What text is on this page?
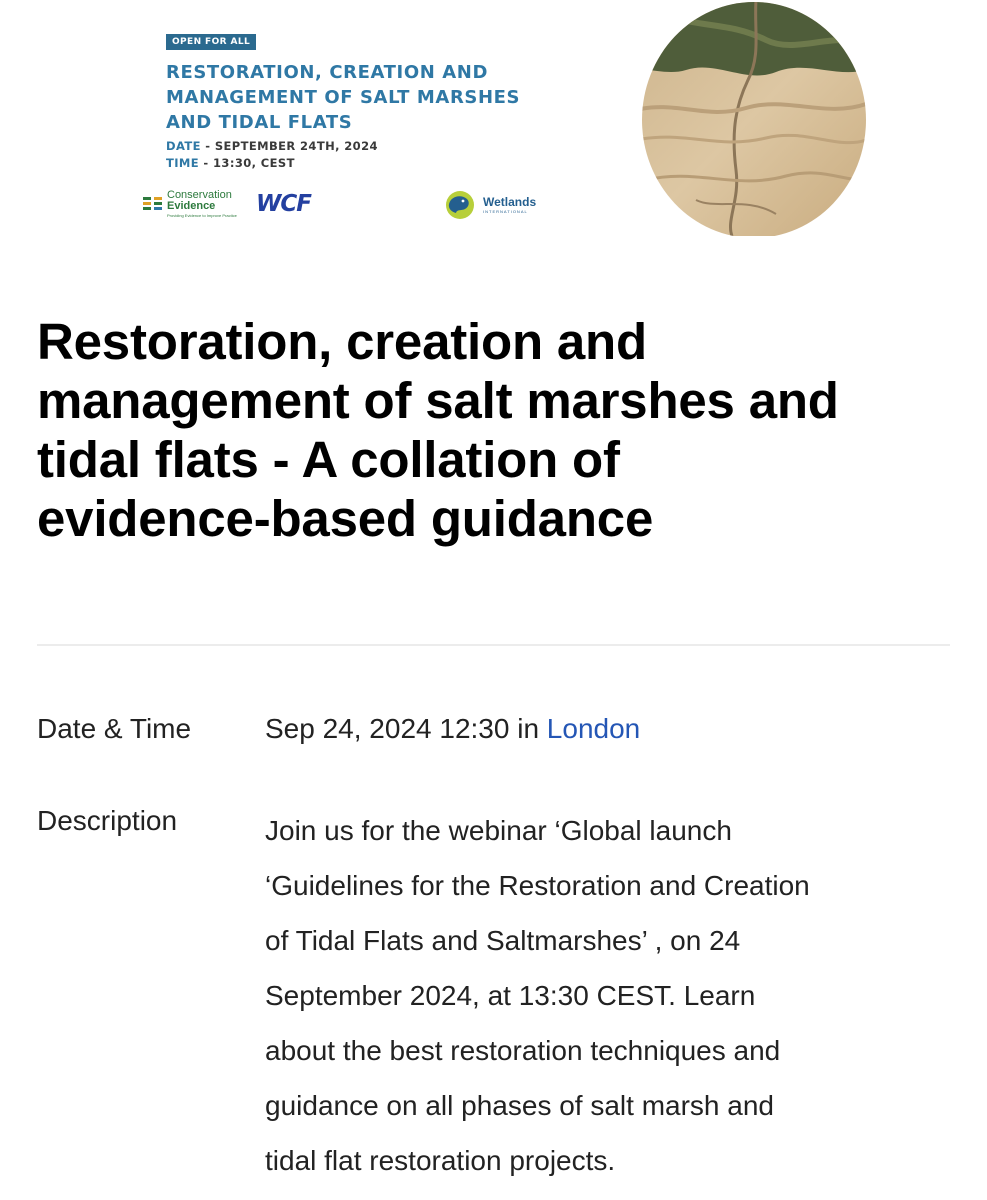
OPEN FOR ALL
RESTORATION, CREATION AND
MANAGEMENT OF SALT MARSHES
AND TIDAL FLATS
DATE - SEPTEMBER 24TH, 2024
TIME - 13:30, CEST
Conservation
Evidence
Providing Evidence to Improve Practice WCF	Wetlands
INTERNATIONAL
Restoration, creation and
management of salt marshes and
tidal flats - A collation of
evidence-based guidance
Date & Time	Sep 24, 2024 12:30 in London
Description	Join us for the webinar ‘Global launch
‘Guidelines for the Restoration and Creation
of Tidal Flats and Saltmarshes’ , on 24
September 2024, at 13:30 CEST. Learn
about the best restoration techniques and
guidance on all phases of salt marsh and
tidal flat restoration projects.
